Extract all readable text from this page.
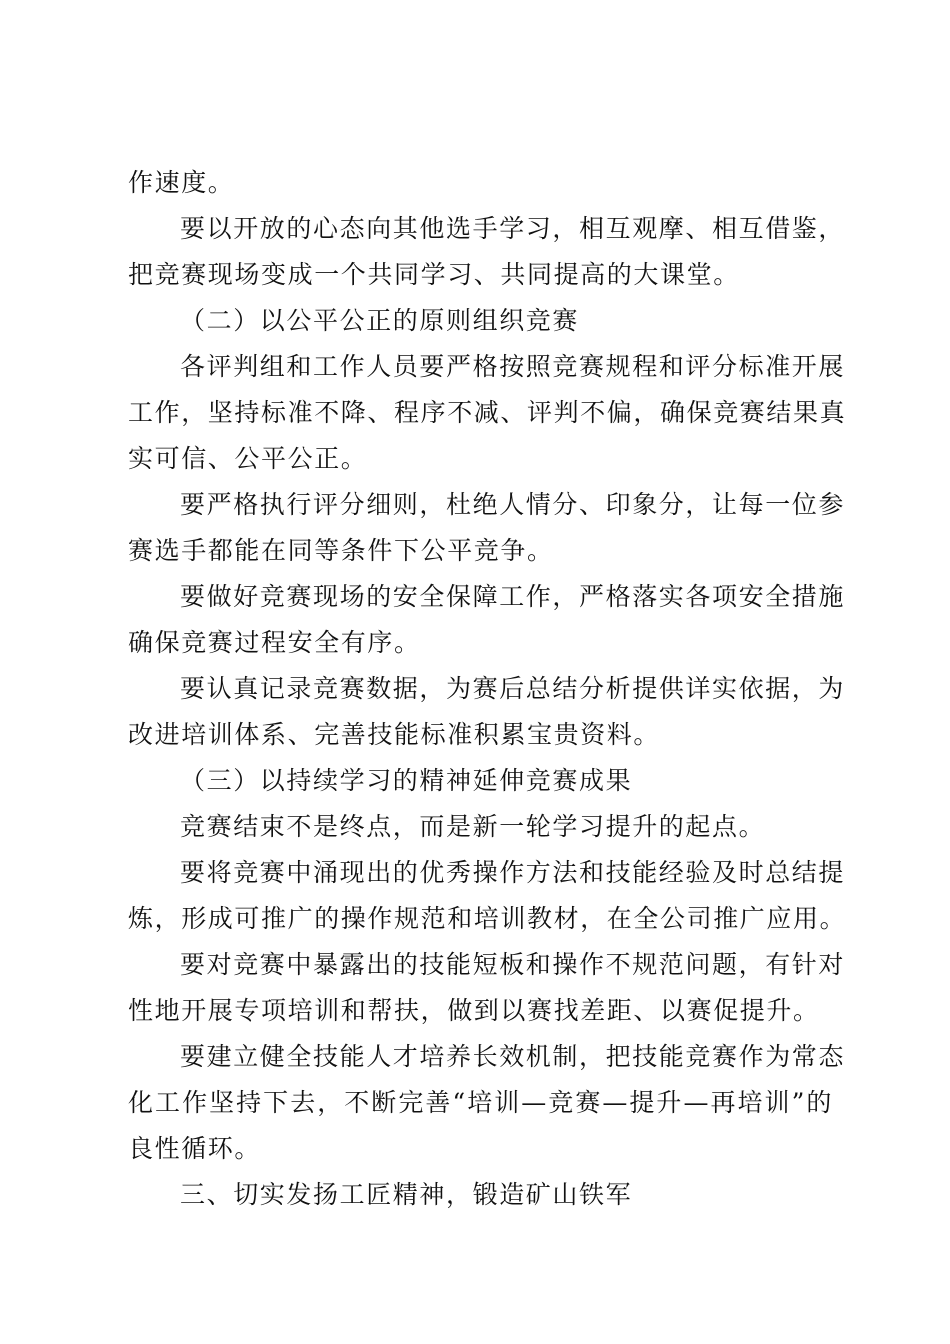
作速度。
要以开放的心态向其他选手学习，相互观摩、相互借鉴，
把竞赛现场变成一个共同学习、共同提高的大课堂。
（二）以公平公正的原则组织竞赛
各评判组和工作人员要严格按照竞赛规程和评分标准开展
工作，坚持标准不降、程序不减、评判不偏，确保竞赛结果真
实可信、公平公正。
要严格执行评分细则，杜绝人情分、印象分，让每一位参
赛选手都能在同等条件下公平竞争。
要做好竞赛现场的安全保障工作，严格落实各项安全措施
确保竞赛过程安全有序。
要认真记录竞赛数据，为赛后总结分析提供详实依据，为
改进培训体系、完善技能标准积累宝贵资料。
（三）以持续学习的精神延伸竞赛成果
竞赛结束不是终点，而是新一轮学习提升的起点。
要将竞赛中涌现出的优秀操作方法和技能经验及时总结提
炼，形成可推广的操作规范和培训教材，在全公司推广应用。
要对竞赛中暴露出的技能短板和操作不规范问题，有针对
性地开展专项培训和帮扶，做到以赛找差距、以赛促提升。
要建立健全技能人才培养长效机制，把技能竞赛作为常态
化工作坚持下去，不断完善“培训—竞赛—提升—再培训”的
良性循环。
三、切实发扬工匠精神，锻造矿山铁军
